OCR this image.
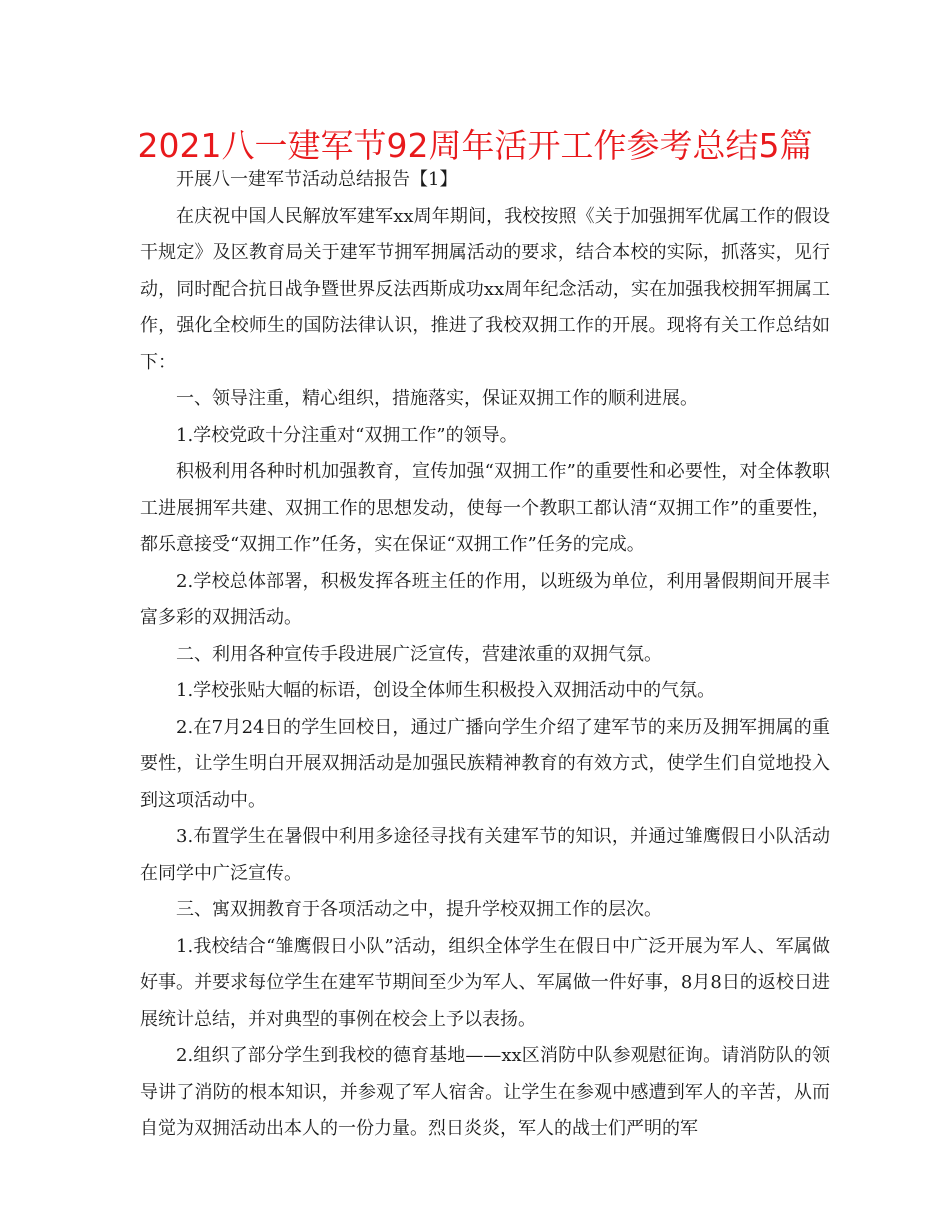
2021八一建军节92周年活开工作参考总结5篇

开展八一建军节活动总结报告【1】

在庆祝中国人民解放军建军xx周年期间，我校按照《关于加强拥军优属工作的假设干规定》及区教育局关于建军节拥军拥属活动的要求，结合本校的实际，抓落实，见行动，同时配合抗日战争暨世界反法西斯成功xx周年纪念活动，实在加强我校拥军拥属工作，强化全校师生的国防法律认识，推进了我校双拥工作的开展。现将有关工作总结如下：

一、领导注重，精心组织，措施落实，保证双拥工作的顺利进展。

1.学校党政十分注重对“双拥工作”的领导。

积极利用各种时机加强教育，宣传加强“双拥工作”的重要性和必要性，对全体教职工进展拥军共建、双拥工作的思想发动，使每一个教职工都认清“双拥工作”的重要性，都乐意接受“双拥工作”任务，实在保证“双拥工作”任务的完成。

2.学校总体部署，积极发挥各班主任的作用，以班级为单位，利用暑假期间开展丰富多彩的双拥活动。

二、利用各种宣传手段进展广泛宣传，营建浓重的双拥气氛。

1.学校张贴大幅的标语，创设全体师生积极投入双拥活动中的气氛。

2.在7月24日的学生回校日，通过广播向学生介绍了建军节的来历及拥军拥属的重要性，让学生明白开展双拥活动是加强民族精神教育的有效方式，使学生们自觉地投入到这项活动中。

3.布置学生在暑假中利用多途径寻找有关建军节的知识，并通过雏鹰假日小队活动在同学中广泛宣传。

三、寓双拥教育于各项活动之中，提升学校双拥工作的层次。

1.我校结合“雏鹰假日小队”活动，组织全体学生在假日中广泛开展为军人、军属做好事。并要求每位学生在建军节期间至少为军人、军属做一件好事，8月8日的返校日进展统计总结，并对典型的事例在校会上予以表扬。

2.组织了部分学生到我校的德育基地——xx区消防中队参观慰征询。请消防队的领导讲了消防的根本知识，并参观了军人宿舍。让学生在参观中感遭到军人的辛苦，从而自觉为双拥活动出本人的一份力量。烈日炎炎，军人的战士们严明的军
